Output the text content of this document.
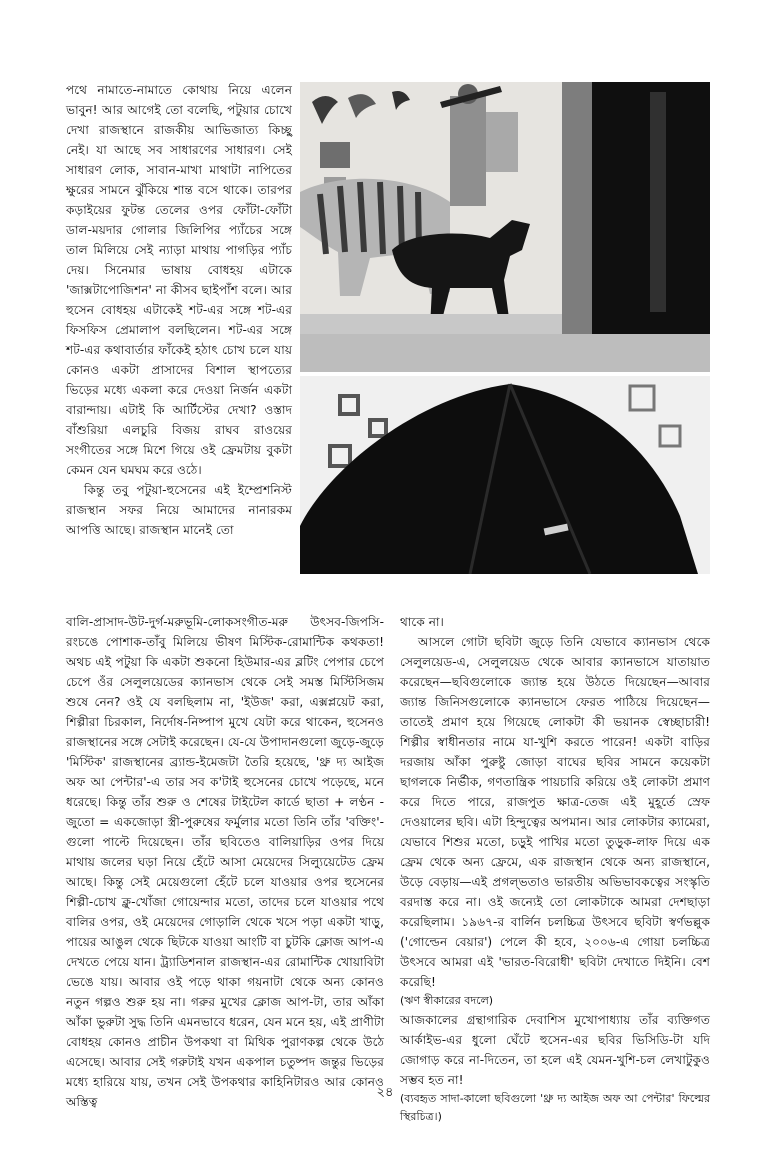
পথে নামাতে-নামাতে কোথায় নিয়ে এলেন ভাবুন! আর আগেই তো বলেছি, পটুয়ার চোখে দেখা রাজস্থানে রাজকীয় আভিজাত্য কিচ্ছু নেই। যা আছে সব সাধারণের সাধারণ। সেই সাধারণ লোক, সাবান-মাখা মাথাটা নাপিতের ক্ষুরের সামনে ঝুঁকিয়ে শান্ত বসে থাকে। তারপর কড়াইয়ের ফুটন্ত তেলের ওপর ফোঁটা-ফোঁটা ডাল-ময়দার গোলার জিলিপির প্যাঁচের সঙ্গে তাল মিলিয়ে সেই ন্যাড়া মাথায় পাগড়ির প্যাঁচ দেয়। সিনেমার ভাষায় বোধহয় এটাকে 'জাক্সটাপোজিশন' না কীসব ছাইপাঁশ বলে। আর হুসেন বোধহয় এটাকেই শট-এর সঙ্গে শট-এর ফিসফিস প্রেমালাপ বলছিলেন। শট-এর সঙ্গে শট-এর কথাবার্তার ফাঁকেই হঠাৎ চোখ চলে যায় কোনও একটা প্রাসাদের বিশাল স্থাপত্যের ভিড়ের মধ্যে একলা করে দেওয়া নির্জন একটা বারান্দায়। এটাই কি আর্টিস্টের দেখা? ওস্তাদ বাঁশুরিয়া এলচুরি বিজয় রাঘব রাওয়ের সংগীতের সঙ্গে মিশে গিয়ে ওই ফ্রেমটায় বুকটা কেমন যেন ঘমঘম করে ওঠে।

কিন্তু তবু পটুয়া-হুসেনের এই ইম্প্রেশনিস্ট রাজস্থান সফর নিয়ে আমাদের নানারকম আপত্তি আছে। রাজস্থান মানেই তো

বালি-প্রাসাদ-উট-দুর্গ-মরুভূমি-লোকসংগীত-মরু উৎসব-জিপসি-রংচঙে পোশাক-তাঁবু মিলিয়ে ভীষণ মিস্টিক-রোমান্টিক কথকতা! অথচ এই পটুয়া কি একটা শুকনো হিউমার-এর ব্লটিং পেপার চেপে চেপে ওঁর সেলুলয়েডের ক্যানভাস থেকে সেই সমস্ত মিস্টিসিজম শুষে নেন? ওই যে বলছিলাম না, 'ইউজ' করা, এক্সপ্লয়েট করা, শিল্পীরা চিরকাল, নির্দোষ-নিষ্পাপ মুখে যেটা করে থাকেন, হুসেনও রাজস্থানের সঙ্গে সেটাই করেছেন। যে-যে উপাদানগুলো জুড়ে-জুড়ে 'মিস্টিক' রাজস্থানের ব্র্যান্ড-ইমেজটা তৈরি হয়েছে, 'থ্রু দ্য আইজ অফ আ পেন্টার'-এ তার সব ক'টাই হুসেনের চোখে পড়েছে, মনে ধরেছে। কিন্তু তাঁর শুরু ও শেষের টাইটেল কার্ডে ছাতা + লণ্ঠন - জুতো = একজোড়া স্ত্রী-পুরুষের ফর্মুলার মতো তিনি তাঁর 'বক্তিং'-গুলো পাল্টে দিয়েছেন। তাঁর ছবিতেও বালিয়াড়ির ওপর দিয়ে মাথায় জলের ঘড়া নিয়ে হেঁটে আসা মেয়েদের সিল্যুয়েটেড ফ্রেম আছে। কিন্তু সেই মেয়েগুলো হেঁটে চলে যাওয়ার ওপর হুসেনের শিল্পী-চোখ ক্লু-খোঁজা গোয়েন্দার মতো, তাদের চলে যাওয়ার পথে বালির ওপর, ওই মেয়েদের গোড়ালি থেকে খসে পড়া একটা খাড়ু, পায়ের আঙুল থেকে ছিটকে যাওয়া আংটি বা চুটকি ক্লোজ আপ-এ দেখতে পেয়ে যান। ট্র্যাডিশনাল রাজস্থান-এর রোমান্টিক খোয়াবিটা ভেঙে যায়। আবার ওই পড়ে থাকা গয়নাটা থেকে অন্য কোনও নতুন গল্পও শুরু হয় না। গরুর মুখের ক্লোজ আপ-টা, তার আঁকা আঁকা ভুরুটা সুদ্ধ তিনি এমনভাবে ধরেন, যেন মনে হয়, এই প্রাণীটা বোধহয় কোনও প্রাচীন উপকথা বা মিথিক পুরাণকল্প থেকে উঠে এসেছে। আবার সেই গরুটাই যখন একপাল চতুষ্পদ জন্তুর ভিড়ের মধ্যে হারিয়ে যায়, তখন সেই উপকথার কাহিনিটারও আর কোনও অস্তিত্ব

থাকে না।

আসলে গোটা ছবিটা জুড়ে তিনি যেভাবে ক্যানভাস থেকে সেলুলয়েড-এ, সেলুলয়েড থেকে আবার ক্যানভাসে যাতায়াত করেছেন—ছবিগুলোকে জ্যান্ত হয়ে উঠতে দিয়েছেন—আবার জ্যান্ত জিনিসগুলোকে ক্যানভাসে ফেরত পাঠিয়ে দিয়েছেন—তাতেই প্রমাণ হয়ে গিয়েছে লোকটা কী ভয়ানক স্বেচ্ছাচারী! শিল্পীর স্বাধীনতার নামে যা-খুশি করতে পারেন! একটা বাড়ির দরজায় আঁকা পুরুষ্টু জোড়া বাঘের ছবির সামনে কয়েকটা ছাগলকে নির্ভীক, গণতান্ত্রিক পায়চারি করিয়ে ওই লোকটা প্রমাণ করে দিতে পারে, রাজপুত ক্ষাত্র-তেজ এই মুহূর্তে স্রেফ দেওয়ালের ছবি। এটা হিন্দুত্বের অপমান। আর লোকটার ক্যামেরা, যেভাবে শিশুর মতো, চড়ুই পাখির মতো তুড়ুক-লাফ দিয়ে এক ফ্রেম থেকে অন্য ফ্রেমে, এক রাজস্থান থেকে অন্য রাজস্থানে, উড়ে বেড়ায়—এই প্রগল্‌ভতাও ভারতীয় অভিভাবকত্বের সংস্কৃতি বরদাস্ত করে না। ওই জন্যেই তো লোকটাকে আমরা দেশছাড়া করেছিলাম। ১৯৬৭-র বার্লিন চলচ্চিত্র উৎসবে ছবিটা স্বর্ণভল্লুক ('গোল্ডেন বেয়ার') পেলে কী হবে, ২০০৬-এ গোয়া চলচ্চিত্র উৎসবে আমরা এই 'ভারত-বিরোধী' ছবিটা দেখাতে দিইনি। বেশ করেছি!

(ঋণ স্বীকারের বদলে)

আজকালের গ্রন্থাগারিক দেবাশিস মুখোপাধ্যায় তাঁর ব্যক্তিগত আর্কাইভ-এর ধুলো ঘেঁটে হুসেন-এর ছবির ভিসিডি-টা যদি জোগাড় করে না-দিতেন, তা হলে এই যেমন-খুশি-চল লেখাটুকুও সম্ভব হত না!

(ব্যবহৃত সাদা-কালো ছবিগুলো 'থ্রু দ্য আইজ অফ আ পেন্টার' ফিল্মের স্থিরচিত্র।)

২৪
